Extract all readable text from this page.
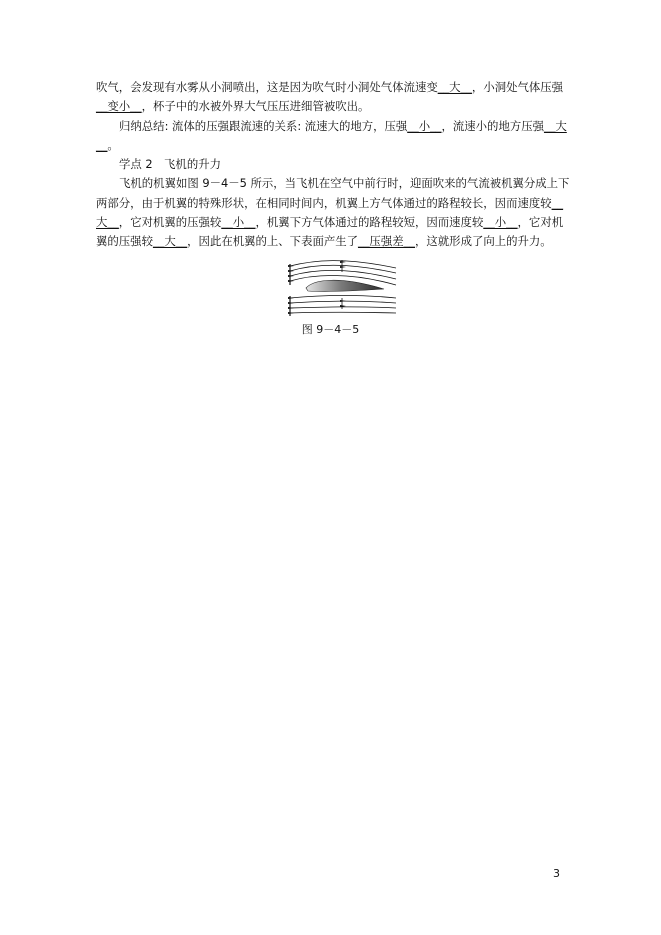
吹气，会发现有水雾从小洞喷出，这是因为吹气时小洞处气体流速变__大__，小洞处气体压强__变小__，杯子中的水被外界大气压压进细管被吹出。

归纳总结: 流体的压强跟流速的关系: 流速大的地方，压强__小__，流速小的地方压强__大__。

学点 2　飞机的升力

飞机的机翼如图 9－4－5 所示，当飞机在空气中前行时，迎面吹来的气流被机翼分成上下两部分，由于机翼的特殊形状，在相同时间内，机翼上方气体通过的路程较长，因而速度较__大__，它对机翼的压强较__小__，机翼下方气体通过的路程较短，因而速度较__小__，它对机翼的压强较__大__，因此在机翼的上、下表面产生了__压强差__，这就形成了向上的升力。

图 9－4－5
3
